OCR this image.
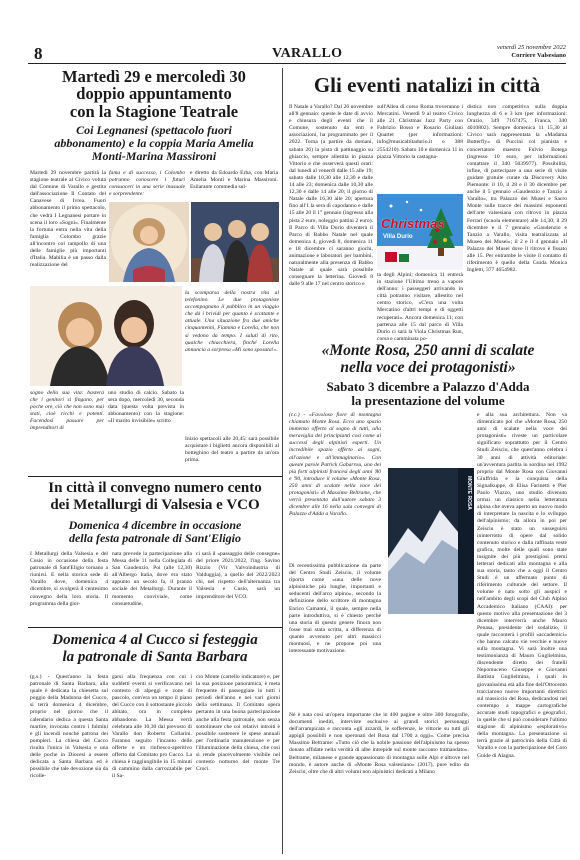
8	VARALLO	venerdì 25 novembre 2022
Corriere Valsesiano
Martedì 29 e mercoledì 30
doppio appuntamento
con la Stagione Teatrale
Coi Legnanesi (spettacolo fuori
abbonamento) e la coppia Maria Amelia
Monti-Marina Massironi
Martedì 29 novembre partirà la stagione teatrale al Civico voluta dal Comune di Varallo e gestita dall'associazione Il Contato del Canavese di Ivrea. Fuori abbonamento il primo spettacolo, che vedrà I Legnanesi portare in scena il loro «Sogni». Finalmente la fortuna entra nella vita della famiglia Colombo grazie all'incontro col rampollo di una delle famiglie più importanti d'Italia. Mabilia è un passo dalla realizzazione del
fama e di successo, i Colombo potranno conoscere i futuri consuoceri in una serie inusuale e sorprendente:
e diretto da Edoardo Erba, con Maria Amelia Monti e Marina Massironi. Esilarante commedia sul-
la scomparsa della nostra vita al telefonino. Le due protagoniste accompagnano il pubblico in un viaggio che dà i brividi per quanto è scottante e attuale. Una situazione fra due amiche cinquantenni, Fiamma e Lorella, che non si vedono da tempo. I saluti di rito, qualche chiacchiera, finché Lorella annuncia a sorpresa «Mi sono sposata!».
sogno della sua vita: basterà che i genitori si fingano, per poche ore, ciò che non sono mai stati, cioè ricchi e potenti. Facendosi passare per imprenditori di
uno studio di calcio. Sabato la sera dopo, mercoledì 30, seconda data (questa volta prevista in abbonamento) con la stagione: «Il marito invisibile» scritto
Inizio spettacoli alle 20,45: sarà possibile acquistare i biglietti ancora disponibili al botteghino del teatro a partire da un'ora prima.
Gli eventi natalizi in città
Il Natale a Varallo? Dal 26 novembre all'8 gennaio: queste le date di avvio e chiusura degli eventi che il Comune, sostenuto da enti e associazioni, ha programmato per il 2022. Torna (a partire da domani, sabato 26) la pista di pattinaggio su ghiaccio, sempre allestita in piazza Vittorio e che osserverà questi orari: dal lunedì al venerdì dalle 15 alle 19; sabato dalle 10,30 alle 12,30 e dalle 14 alle 23; domenica dalle 10,30 alle 12,30 e dalle 14 alle 20; il giorno di Natale dalle 16,30 alle 20; apertura fino all'1 la sera di capodanno e dalle 15 alle 20 il 1° gennaio (ingresso alla pista 2 euro, noleggio pattini 2 euro). Il Parco di Villa Durio diventerà il Parco di Babbo Natale nel quale domenica 4, giovedì 8, domenica 11 e 18 dicembre ci saranno giochi, animazione e laboratori per bambini, naturalmente alla presenza di Babbo Natale al quale sarà possibile consegnare la letterina. Giovedì 8 dalle 9 alle 17 nel centro storico e
sull'Allea di corso Roma troveranno i Mercatini. Venerdì 9 al teatro Civico alle 21 Christmas Jazz Party con Fabrizio Bosso e Rosario Giuliani Quartet (per informazioni: info@musicaltitaduriо.it o 388 2554210). Sabato 10 e domenica 11 in piazza Vittorio la castagna-
Christmas
Villa Durio
ta degli Alpini; domenica 11 entrerà in stazione l'Ultimo treno a vapore dell'anno: i passeggeri arrivando in città potranno visitare, allestito nel centro storico, «C'era una volta Mercatino d'altri tempi e di oggetti recuperati». Ancora domenica 11; con partenza alle 15 dal parco di Villa Durio ci sarà la Viola Christmas Run, corsa e camminata po-
distica non competitiva sulla doppia lunghezza di 6 e 3 km (per informazioni: Orazio, 349 7167475, Franca, 340 4010802). Sempre domenica 11 15,30 al Civico sarà rappresentata la «Madama Butterfly» di Puccini col pianista e concertatore maestro Fulvio Botega (ingresso 10 euro, per informazioni contattare il 340 5039977). Possibilità, infine, di partecipare a una serie di visite guidate gratuite curate da Discovery Alto Piemonte: il 10, il 28 e il 30 dicembre per anche il 5 gennaio «Gaudenzio e Tanzio a Varallo», tra Palazzo dei Musei e Sacro Monte sulle tracce dei massimi esponenti dell'arte valsesiana con ritrovo in piazza Ferrari (scuola elementare) alle 14,30; il 29 dicembre e il 7 gennaio «Gaudenzio e Tanzio a Varallo, visita teatralizzata al Museo dei Musei»; il 2 e il 4 gennaio «Il Palazzo dei Musei dove il ritrovo è fissato alle 15. Per entrambe le visite il contatto di riferimento è quello della Guida Monica Ingletti, 377 4654982.
«Monte Rosa, 250 anni di scalate
nella voce dei protagonisti»
Sabato 3 dicembre a Palazzo d'Adda
la presentazione del volume
(r.c.) - «Favoloso fiore di montagna chiamato Monte Rosa. Ecco uno spazio immenso offerto al sogno di tutti, alla meraviglia dei principianti così come ai successi degli alpinisti esperti. Un incredibile spazio offerto ai sogni, all'azione e all'immaginario». Con queste parole Patrick Gabarrou, uno dei più forti alpinisti francesi degli anni '80 e '90, introduce il volume «Monte Rosa, 250 anni di scalate nella voce dei protagonisti» di Massimo Beltrame, che verrà presentato dall'autore sabato 3 dicembre alle 16 nella sala convegni di Palazzo d'Adda a Varallo.
MONTE ROSA
Di recentissima pubblicazione da parte del Centro Studi Zeisciu, il volume riporta come «una delle nove alpinistiche più lunghe, importanti e seducenti dell'arco alpino», secondo la definizione dello scrittore di montagna Enrico Camanni, il quale, sempre nella parte introduttiva, si è chiesto perché una storia di questo genere finora non fosse mai stata scritta, a differenza di quanto avvenuto per altri massicci montuosi, e ne propone poi una interessante motivazione.
Né è nata così un'opera importante che in 400 pagine e oltre 300 fotografie, documenti inediti, interviste esclusive ai grandi storici personaggi dell'arrampicata e racconta «gli azzardi, le sofferenze, le vittorie su tutti gli appigli possibili e non speronati del Rosa dal 1700 a oggi». Come precisa Massimo Beltrame: «Tutto ciò che la nobile passione dell'alpinismo ha spesso donato affidate nella verdità di albe intrepide sul monte racconto tramandato». Beltrame, milanese e grande appassionato di montagna sulle Alpi e altrove nel mondo, è autore anche di «Monte Rosa valsesiano» (2017), pure edito da Zeisciu, oltre che di altri volumi non alpinistici dedicati a Milano
e alla sua architettura. Non va dimenticato poi che «Monte Rosa, 250 anni di scalate nella voce dei protagonisti» riveste un particolare significato soprattutto per il Centro Studi Zeisciu, che quest'anno celebra i 30 anni di attività editoriale: un'avventura partita in sordina nel 1992 proprio dal Monte Rosa con Giovanni Giuffrida e la conquista della Signalkuppe, di Elisa Farinetti e Pier Paolo Viazzo, uno studio divenuto ormai un classico nella letteratura alpina che aveva aperto un nuovo modo di interpretare la nascita e lo sviluppo dell'alpinismo; da allora in poi per Zeisciu è stato un susseguirsi ininterrotto di opere dal solido contenuto storico e dalla raffinata veste grafica, molte delle quali sono state insignite dei più prestigiosi premi letterari dedicati alla montagna e alla sua storia, tanto che a oggi il Centro Studi è un affermato punto di riferimento culturale del settore. Il volume è nato sotto gli auspici e nell'ambito degli scopi del Club Alpino Accademico Italiano (CAAI): per questo motivo alla presentazione del 3 dicembre interverrà anche Mauro Penasa, presidente del sodalizio, il quale racconterà i profili «accademici» che hanno calcato vie vecchie e nuove sulla montagna. Vi sarà inoltre una testimonianza di Mauro Guglielmina, discendente diretto dei fratelli Nepomuceno Giuseppe e Giovanni Battista Guglielmina, i quali in giovanissima età alla fine dell'Ottocento tracciarono nuove importanti direttrici sul massiccio del Rosa, dedicandosi nel contempo a mappe cartografiche accurate studi topografici e geografici, in quelle che si può considerare l'ultimo stagione di alpinismo «esplorativo» della montagna. La presentazione si terrà grazie al patrocinio della Città di Varallo e con la partecipazione del Coro Guide di Alagna.
In città il convegno numero cento
dei Metallurgi di Valsesia e VCO
Domenica 4 dicembre in occasione
della festa patronale di Sant'Eligio
I Metallurgi della Valsesia e del Cusio in occasione della festa patronale di Sant'Eligio tornano a riunirsi. E nella storica sede di Varallo dove, domenica 4 dicembre, si svolgerà il centesimo convegno della loro storia. Il programma della gior-
nata prevede la partecipazione alla Messa delle 11 nella Collegiata di San Gaudenzio. Poi (alle 12,30) all'Albergo Italia, dove era stato appunto un secolo fa, il pranzo sociale dei Metallurgi. Durante il momento conviviale, come consuetudine,
ci sarà il «passaggio delle consegne» del priore 2021/2022, l'ing. Savino Rizzio (Vir Valvoindustria di Valduggia), a quello del 2022/2023 chi, nel rispetto dell'alternanza tra Valsesia e Cusio, sarà un imprenditore del VCO.
Domenica 4 al Cucco si festeggia
la patronale di Santa Barbara
(g.s.) - Quest'anno la festa patronale di Santa Barbara, alla quale è dedicata la chiesetta sul poggio della Madonna del Cucco, si terrà domenica 4 dicembre, proprio nel giorno che il calendario dedica a questa Santa martire, invocata contro i fulmini e gli incendi nonché patrona dei pompieri. La chiesa del Cucco risulta l'unica in Valsesia e una delle poche in Diocesi a essere dedicata a Santa Barbara ed è possibile che tale devozione sia da ricolle-
garsi alla frequenza con cui i suddetti eventi si verificavano nel contesto di alpeggi e zone di pascolo, com'era un tempo il piano del Cucco con il sottostante piccolo abitato, ora in completo abbandono. La Messa verrà celebrata alle 10,30 dal prevosto di Varallo don Roberto Collarini. Faranno seguito l'incanto delle offerte e un rinfresco-aperitivo offerto dal Comitato pro Cucco. La chiesa è raggiungibile in 15 minuti di cammino dalla carrozzabile per il Sa-
cro Monte (cartello indicatore) e, per la sua posizione panoramica, è meta frequente di passeggiate in tutti i periodi dell'anno e nei vari giorni della settimana. Il Comitato opera pertanto in una buona partecipazione anche alla festa patronale, non senza sottolineare che coi relativi introiti è possibile sostenere le spese annuali per l'ordinaria manutenzione e per l'illuminazione della chiesa, che così si rende piacevolmente visibile nel contesto notturno del monte Tre Croci.
